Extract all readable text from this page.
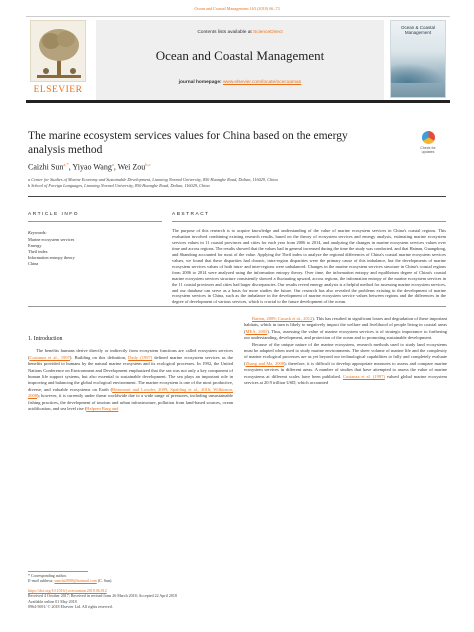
Ocean and Coastal Management 163 (2018) 66–73
ELSEVIER
Contents lists available at ScienceDirect
Ocean and Coastal Management
journal homepage: www.elsevier.com/locate/ocecoaman
Ocean & Coastal Management
The marine ecosystem services values for China based on the emergy analysis method	Check for updates
Caizhi Sun$^{a,*}$, Yiyao Wang$^a$, Wei Zou$^{b,c}$
a Center for Studies of Marine Economy and Sustainable Development, Liaoning Normal University, 850 Huanghe Road, Dalian, 116029, China
b School of Foreign Languages, Liaoning Normal University, 850 Huanghe Road, Dalian, 116029, China
ARTICLE INFO	ABSTRACT
Keywords:
Marine ecosystem services
Emergy
Theil index
Information entropy theory
China
The purpose of this research is to acquire knowledge and understanding of the value of marine ecosystem services in China's coastal regions. This evaluation involved combining existing research results, based on the theory of ecosystem services and emergy analysis, estimating marine ecosystem services values in 11 coastal provinces and cities for each year from 2006 to 2014, and analyzing the changes in marine ecosystem services values over time and across regions. The results showed that the values had in general increased during the time the study was conducted, and that Hainan, Guangdong, and Shandong accounted for most of the value. Applying the Theil index to analyze the regional differences of China's coastal marine ecosystem services values, we found that these disparities had chronic, intra-region disparities were the primary cause of this imbalance, but the developments of marine ecosystem services values of both intra- and inter-regions were unbalanced. Changes in the marine ecosystem services structure in China's coastal regions from 2006 to 2014 were analyzed using the information entropy theory. Over time, the information entropy and equilibrium degree of China's coastal marine ecosystem services structure consistently showed a fluctuating upward, across regions, the information entropy of the marine ecosystem services in the 11 coastal provinces and cities had larger discrepancies. Our results reveal emergy analysis is a helpful method for assessing marine ecosystem services, and our database can serve as a basis for more studies the future. Our research has also revealed the problems existing in the development of marine ecosystem services in China, such as the imbalance in the development of marine ecosystem service values between regions and the differences in the degree of development of various services, which is crucial to the future development of the ocean.
1. Introduction

The benefits humans derive directly or indirectly from ecosystem functions are called ecosystem services (Costanza et al., 1997). Building on this definition, Daily (1997) defined marine ecosystem services as the benefits provided to humans by the natural marine ecosystem and its ecological processes. In 1992, the United Nations Conference on Environment and Development emphasized that the sea was not only a key component of human life support systems, but also essential to sustainable development. The sea plays an important role in improving and balancing the global ecological environment. The marine ecosystem is one of the most productive, diverse, and valuable ecosystems on Earth (Beaumont and Lowder, 2009; Spalding et al., 2016; Wilkinson, 2008); however, it is currently under threat worldwide due to a wide range of pressures, including unsustainable fishing practices, the development of tourism and urban infrastructure, pollution from land-based sources, ocean acidification, and sea level rise (Halpern Burg and

Barton, 2009; Cusack et al., 2012). This has resulted in significant losses and degradation of these important habitats, which in turn is likely to negatively impact the welfare and livelihood of people living in coastal areas (MEA, 2005). Thus, assessing the value of marine ecosystem services is of strategic importance to furthering our understanding, development, and protection of the ocean and to promoting sustainable development.

Because of the unique nature of the marine ecosystem, research methods used to study land ecosystems must be adapted when used to study marine environments. The sheer volume of marine life and the complexity of marine ecological processes are as yet beyond our technological capabilities to fully and completely evaluate (Zhang and Ma, 2008); therefore, it is difficult to develop appropriate measures to assess and compare marine ecosystem services in different areas. A number of studies that have attempted to assess the value of marine ecosystems at different scales have been published. Costanza et al. (1997) valued global marine ecosystem services at 20.9 trillion USD, which accounted

* Corresponding author.
E-mail address: sunchi2008@hotmail.com (C. Sun).
https://doi.org/10.1016/j.ocecoaman.2018.06.012
Received 4 October 2017; Received in revised form 26 March 2018; Accepted 22 April 2018
Available online 01 May 2018
0964-5691/ © 2018 Elsevier Ltd. All rights reserved.
